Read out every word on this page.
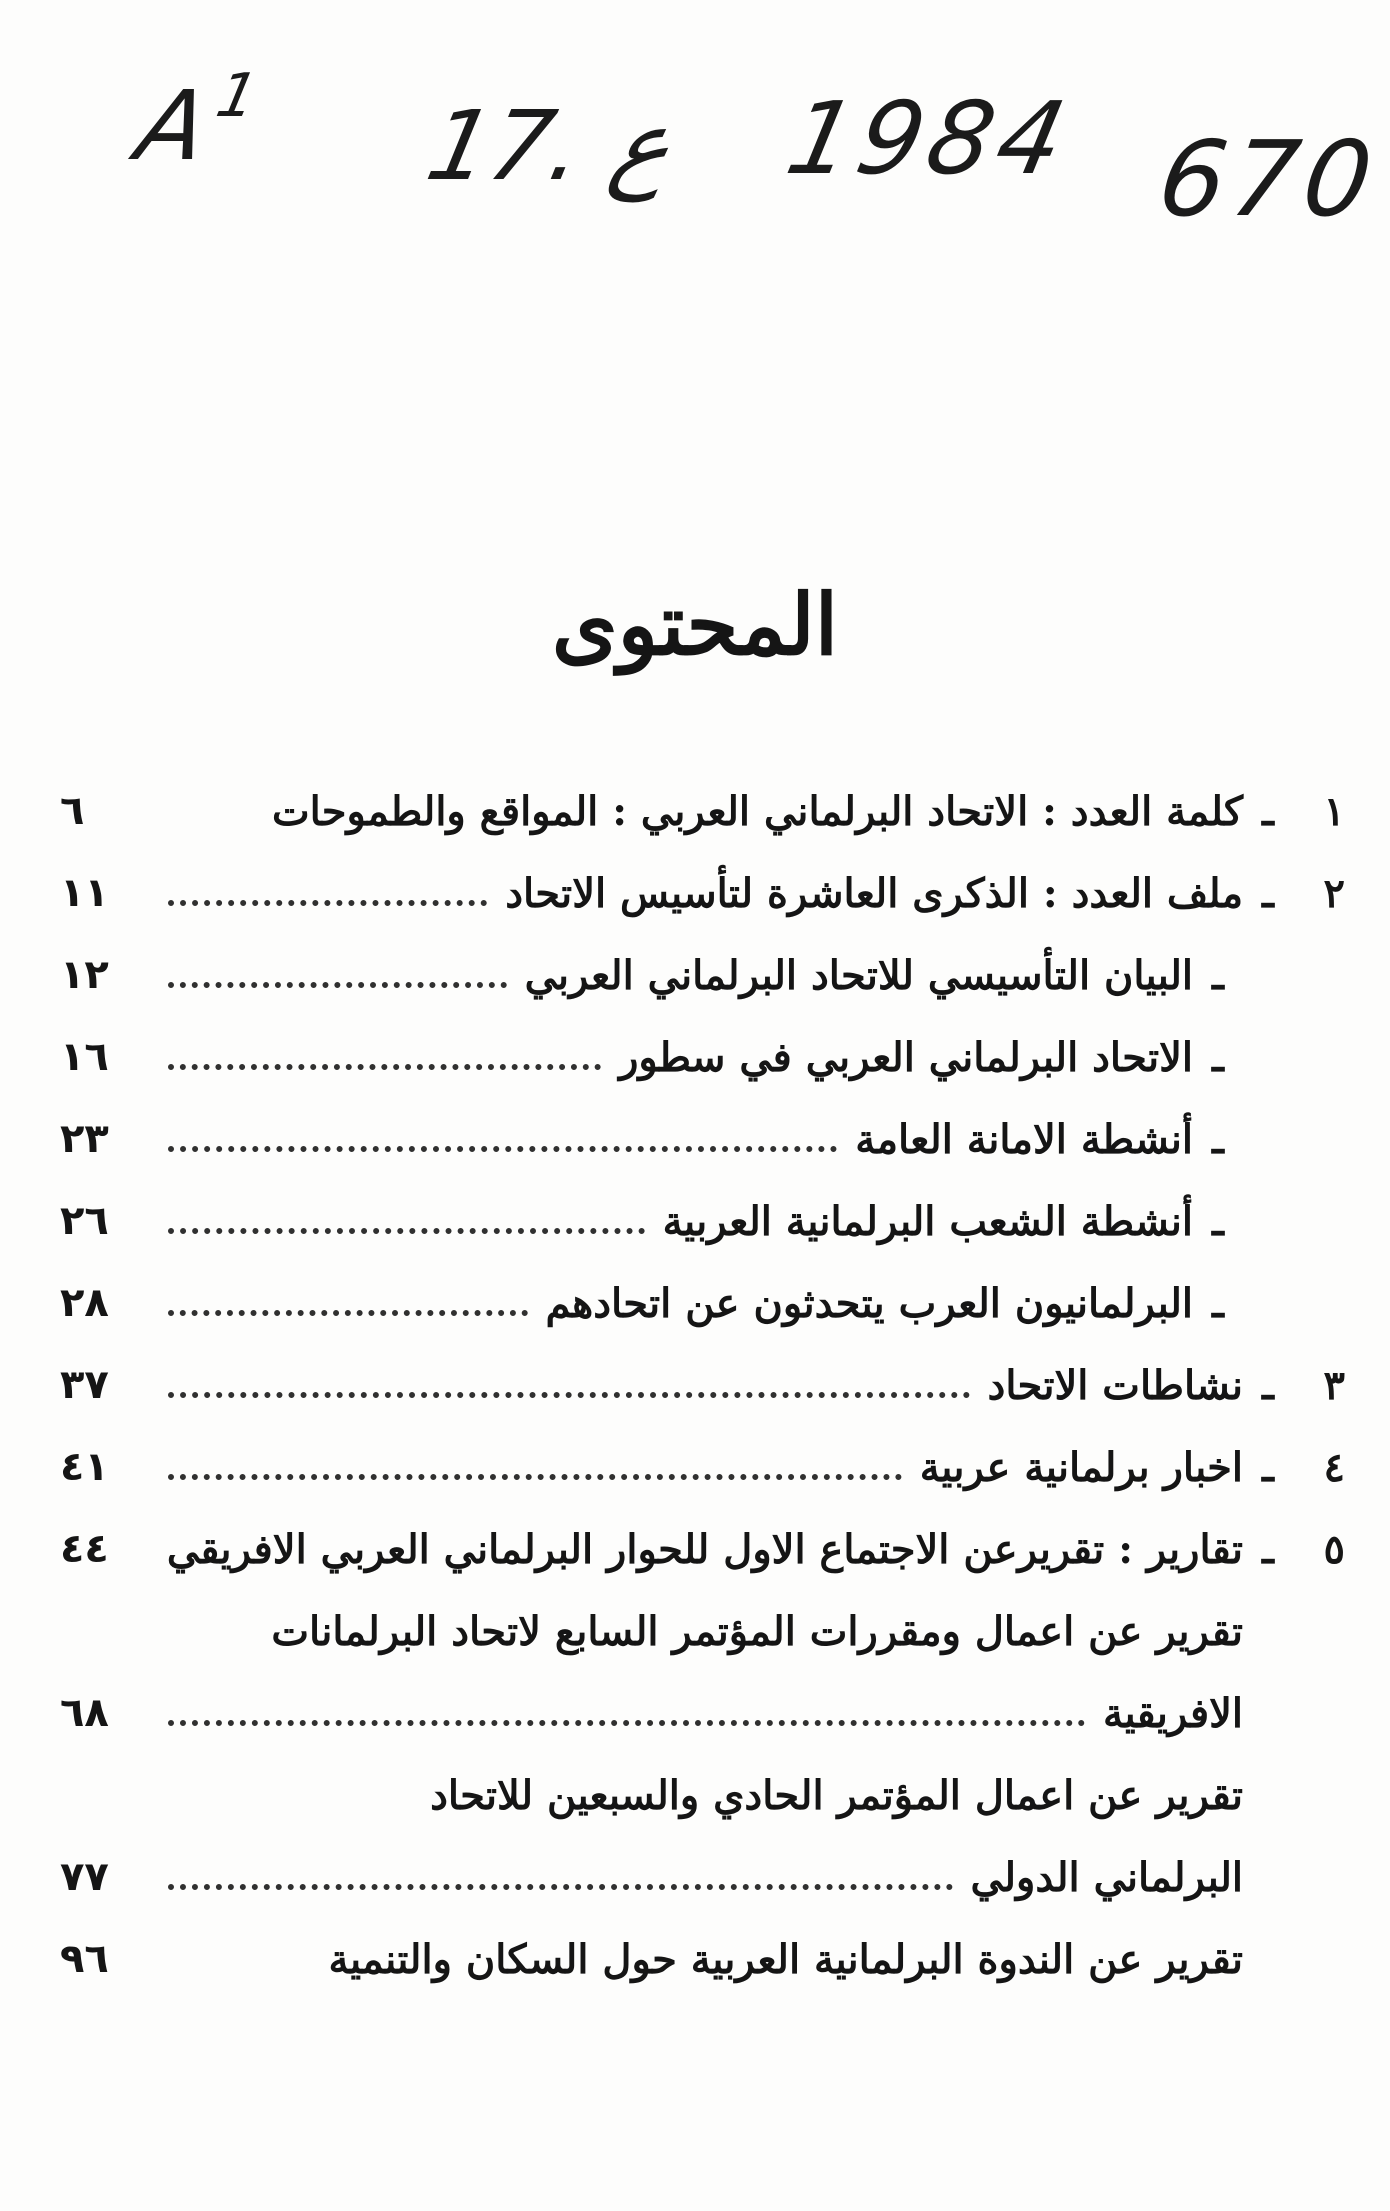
$A^1$ 17. ع 1984 670
المحتوى
١
ـ
كلمة العدد : الاتحاد البرلماني العربي : المواقع والطموحات
٦
٢
ـ
ملف العدد : الذكرى العاشرة لتأسيس الاتحاد
١١
ـ
البيان التأسيسي للاتحاد البرلماني العربي
١٢
ـ
الاتحاد البرلماني العربي في سطور
١٦
ـ
أنشطة الامانة العامة
٢٣
ـ
أنشطة الشعب البرلمانية العربية
٢٦
ـ
البرلمانيون العرب يتحدثون عن اتحادهم
٢٨
٣
ـ
نشاطات الاتحاد
٣٧
٤
ـ
اخبار برلمانية عربية
٤١
٥
ـ
تقارير : تقريرعن الاجتماع الاول للحوار البرلماني العربي الافريقي
٤٤
تقرير عن اعمال ومقررات المؤتمر السابع لاتحاد البرلمانات
الافريقية
٦٨
تقرير عن اعمال المؤتمر الحادي والسبعين للاتحاد
البرلماني الدولي
٧٧
تقرير عن الندوة البرلمانية العربية حول السكان والتنمية
٩٦
